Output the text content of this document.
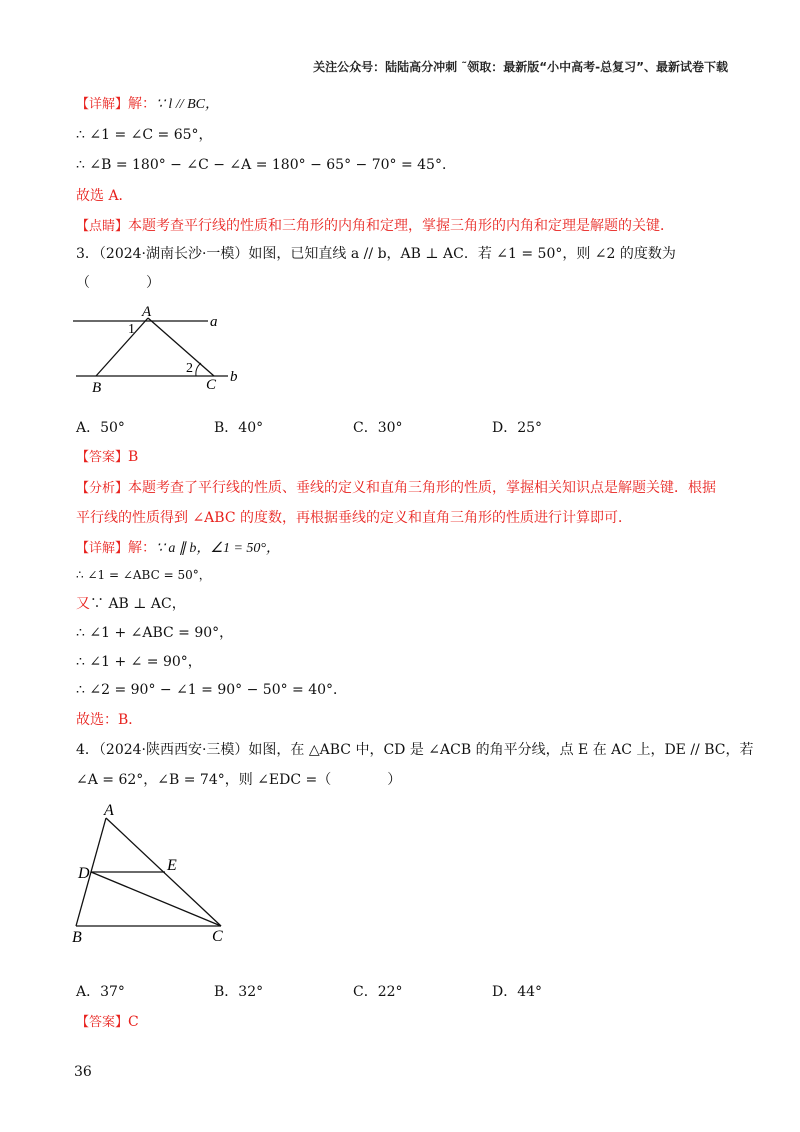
关注公众号：陆陆高分冲刺 ˜领取：最新版“小中高考-总复习”、最新试卷下载
【详解】解：∵ l // BC，
∴ ∠1 = ∠C = 65°，
∴ ∠B = 180° − ∠C − ∠A = 180° − 65° − 70° = 45°．
故选 A．
【点睛】本题考查平行线的性质和三角形的内角和定理，掌握三角形的内角和定理是解题的关键．
3．（2024·湖南长沙·一模）如图，已知直线 a // b，AB ⊥ AC．若 ∠1 = 50°，则 ∠2 的度数为
（　　　　）
A
a
b
B	C
1
2
A．50°	B．40°	C．30°	D．25°
【答案】B
【分析】本题考查了平行线的性质、垂线的定义和直角三角形的性质，掌握相关知识点是解题关键．根据
平行线的性质得到 ∠ABC 的度数，再根据垂线的定义和直角三角形的性质进行计算即可．
【详解】解：∵ a ∥ b，∠1 = 50°，
∴ ∠1 = ∠ABC = 50°，
又∵ AB ⊥ AC，
∴ ∠1 + ∠ABC = 90°，
∴ ∠1 + ∠ = 90°，
∴ ∠2 = 90° − ∠1 = 90° − 50° = 40°．
故选：B．
4．（2024·陕西西安·三模）如图，在 △ABC 中，CD 是 ∠ACB 的角平分线，点 E 在 AC 上，DE // BC，若
∠A = 62°，∠B = 74°，则 ∠EDC =（　　　　）
A
D	E
B	C
A．37°	B．32°	C．22°	D．44°
【答案】C
36
